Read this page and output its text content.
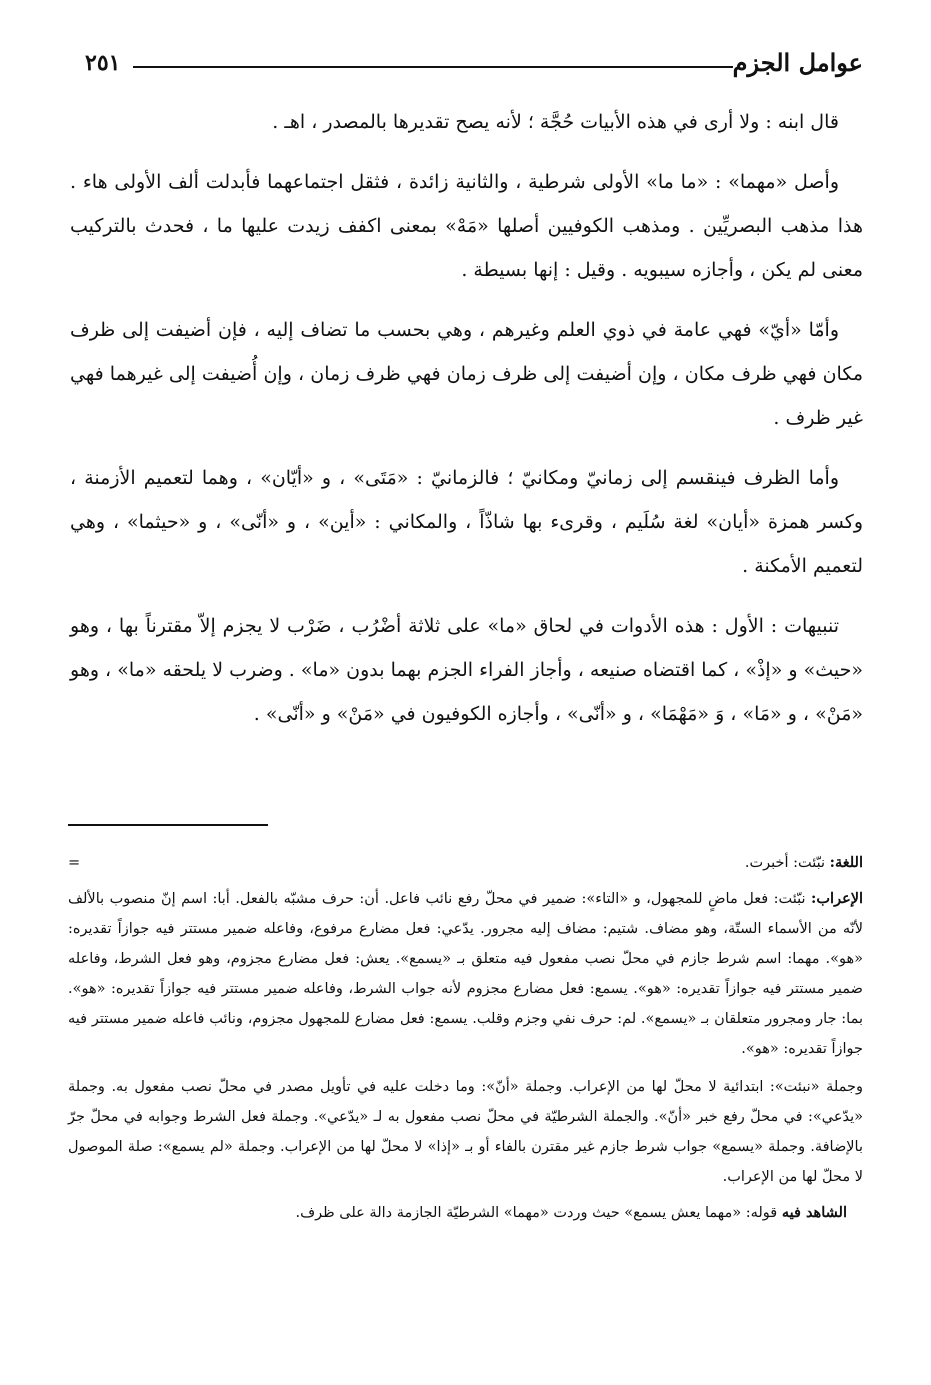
عوامل الجزم
٢٥١

قال ابنه : ولا أرى في هذه الأبيات حُجَّة ؛ لأنه يصح تقديرها بالمصدر ، اهـ .

وأصل «مهما» : «ما ما» الأولى شرطية ، والثانية زائدة ، فثقل اجتماعهما فأبدلت ألف الأولى هاء . هذا مذهب البصريِّين . ومذهب الكوفيين أصلها «مَهْ» بمعنى اكفف زيدت عليها ما ، فحدث بالتركيب معنى لم يكن ، وأجازه سيبويه . وقيل : إنها بسيطة .

وأمّا «أيّ» فهي عامة في ذوي العلم وغيرهم ، وهي بحسب ما تضاف إليه ، فإن أضيفت إلى ظرف مكان فهي ظرف مكان ، وإن أضيفت إلى ظرف زمان فهي ظرف زمان ، وإن أُضيفت إلى غيرهما فهي غير ظرف .

وأما الظرف فينقسم إلى زمانيّ ومكانيّ ؛ فالزمانيّ : «مَتَى» ، و «أيّان» ، وهما لتعميم الأزمنة ، وكسر همزة «أيان» لغة سُلَيم ، وقرىء بها شاذّاً ، والمكاني : «أين» ، و «أنّى» ، و «حيثما» ، وهي لتعميم الأمكنة .

تنبيهات : الأول : هذه الأدوات في لحاق «ما» على ثلاثة أضْرُب ، ضَرْب لا يجزم إلاّ مقترناً بها ، وهو «حيث» و «إذْ» ، كما اقتضاه صنيعه ، وأجاز الفراء الجزم بهما بدون «ما» . وضرب لا يلحقه «ما» ، وهو «مَنْ» ، و «مَا» ، وَ «مَهْمَا» ، و «أنّى» ، وأجازه الكوفيون في «مَنْ» و «أنّى» .

اللغة: نبّئت: أخبرت.
=

الإعراب: نبّئت: فعل ماضٍ للمجهول، و «التاء»: ضمير في محلّ رفع نائب فاعل. أن: حرف مشبّه بالفعل. أبا: اسم إنّ منصوب بالألف لأنّه من الأسماء الستّة، وهو مضاف. شتيم: مضاف إليه مجرور. يدّعي: فعل مضارع مرفوع، وفاعله ضمير مستتر فيه جوازاً تقديره: «هو». مهما: اسم شرط جازم في محلّ نصب مفعول فيه متعلق بـ «يسمع». يعش: فعل مضارع مجزوم، وهو فعل الشرط، وفاعله ضمير مستتر فيه جوازاً تقديره: «هو». يسمع: فعل مضارع مجزوم لأنه جواب الشرط، وفاعله ضمير مستتر فيه جوازاً تقديره: «هو». بما: جار ومجرور متعلقان بـ «يسمع». لم: حرف نفي وجزم وقلب. يسمع: فعل مضارع للمجهول مجزوم، ونائب فاعله ضمير مستتر فيه جوازاً تقديره: «هو».

وجملة «نبئت»: ابتدائية لا محلّ لها من الإعراب. وجملة «أنّ»: وما دخلت عليه في تأويل مصدر في محلّ نصب مفعول به. وجملة «يدّعي»: في محلّ رفع خبر «أنّ». والجملة الشرطيّة في محلّ نصب مفعول به لـ «يدّعي». وجملة فعل الشرط وجوابه في محلّ جرّ بالإضافة. وجملة «يسمع» جواب شرط جازم غير مقترن بالفاء أو بـ «إذا» لا محلّ لها من الإعراب. وجملة «لم يسمع»: صلة الموصول لا محلّ لها من الإعراب.

الشاهد فيه قوله: «مهما يعش يسمع» حيث وردت «مهما» الشرطيّة الجازمة دالة على ظرف.
